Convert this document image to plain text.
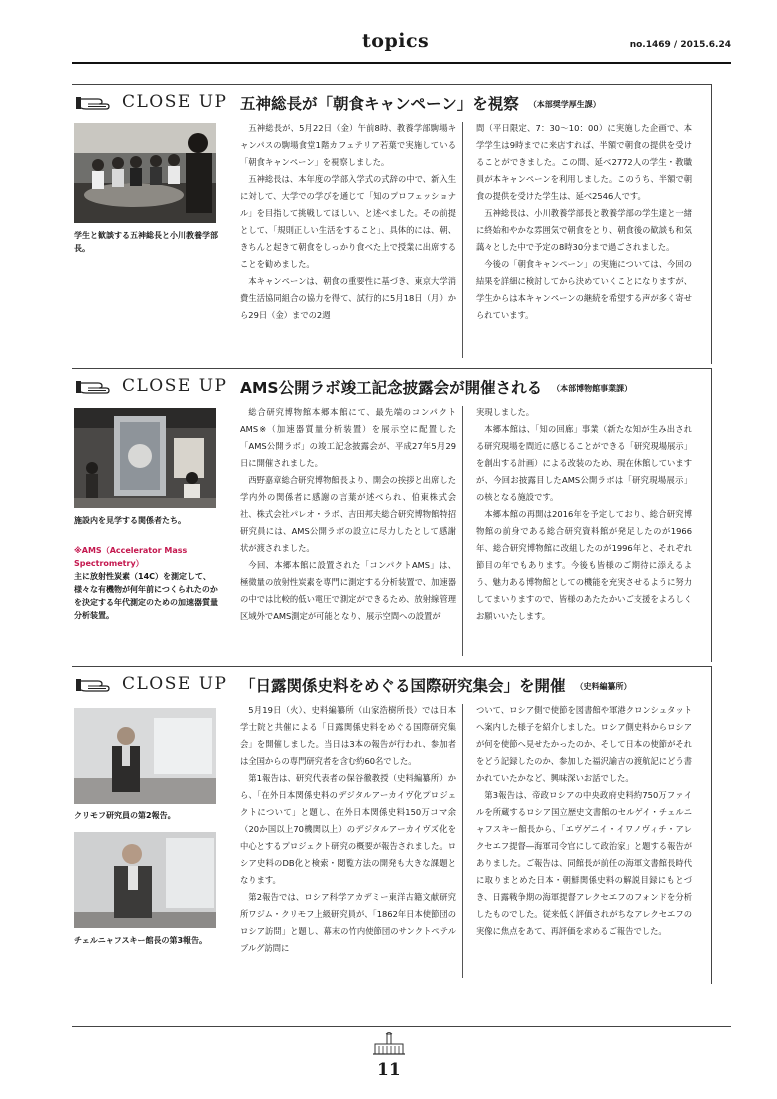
topics	no.1469 / 2015.6.24
CLOSE UP 五神総長が「朝食キャンペーン」を視察 （本部奨学厚生課）
学生と歓談する五神総長と小川教養学部長。

五神総長が、5月22日（金）午前8時、教養学部駒場キャンパスの駒場食堂1階カフェテリア若葉で実施している「朝食キャンペーン」を視察しました。

五神総長は、本年度の学部入学式の式辞の中で、新入生に対して、大学での学びを通じて「知のプロフェッショナル」を目指して挑戦してほしい、と述べました。その前提として、「規則正しい生活をすること」、具体的には、朝、きちんと起きて朝食をしっかり食べた上で授業に出席することを勧めました。

本キャンペーンは、朝食の重要性に基づき、東京大学消費生活協同組合の協力を得て、試行的に5月18日（月）から29日（金）までの2週

間（平日限定、7：30～10：00）に実施した企画で、本学学生は9時までに来店すれば、半額で朝食の提供を受けることができました。この間、延べ2772人の学生・教職員が本キャンペーンを利用しました。このうち、半額で朝食の提供を受けた学生は、延べ2546人です。

五神総長は、小川教養学部長と教養学部の学生達と一緒に終始和やかな雰囲気で朝食をとり、朝食後の歓談も和気藹々とした中で予定の8時30分まで過ごされました。

今後の「朝食キャンペーン」の実施については、今回の結果を詳細に検討してから決めていくことになりますが、学生からは本キャンペーンの継続を希望する声が多く寄せられています。

CLOSE UP AMS公開ラボ竣工記念披露会が開催される （本部博物館事業課）
施設内を見学する関係者たち。
※AMS（Accelerator Mass Spectrometry）
主に放射性炭素（14C）を測定して、様々な有機物が何年前につくられたのかを決定する年代測定のための加速器質量分析装置。

総合研究博物館本郷本館にて、最先端のコンパクトAMS※（加速器質量分析装置）を展示空に配置した「AMS公開ラボ」の竣工記念披露会が、平成27年5月29日に開催されました。

西野嘉章総合研究博物館長より、開会の挨拶と出席した学内外の関係者に感謝の言葉が述べられ、伯東株式会社、株式会社パレオ・ラボ、吉田邦夫総合研究博物館特招研究員には、AMS公開ラボの設立に尽力したとして感謝状が渡されました。

今回、本郷本館に設置された「コンパクトAMS」は、極微量の放射性炭素を専門に測定する分析装置で、加速器の中では比較的低い電圧で測定ができるため、放射線管理区域外でAMS測定が可能となり、展示空間への設置が

実現しました。

本郷本館は、「知の回廊」事業（新たな知が生み出される研究現場を間近に感じることができる「研究現場展示」を創出する計画）による改装のため、現在休館していますが、今回お披露目したAMS公開ラボは「研究現場展示」の核となる施設です。

本郷本館の再開は2016年を予定しており、総合研究博物館の前身である総合研究資料館が発足したのが1966年、総合研究博物館に改組したのが1996年と、それぞれ節目の年でもあります。今後も皆様のご期待に添えるよう、魅力ある博物館としての機能を充実させるように努力してまいりますので、皆様のあたたかいご支援をよろしくお願いいたします。

CLOSE UP 「日露関係史料をめぐる国際研究集会」を開催 （史料編纂所）
クリモフ研究員の第2報告。
チェルニャフスキー館長の第3報告。

5月19日（火）、史料編纂所（山家浩樹所長）では日本学士院と共催による「日露関係史料をめぐる国際研究集会」を開催しました。当日は3本の報告が行われ、参加者は全国からの専門研究者を含む約60名でした。

第1報告は、研究代表者の保谷徹教授（史料編纂所）から、「在外日本関係史料のデジタルアーカイヴ化プロジェクトについて」と題し、在外日本関係史料150万コマ余（20か国以上70機関以上）のデジタルアーカイヴズ化を中心とするプロジェクト研究の概要が報告されました。ロシア史料のDB化と検索・閲覧方法の開発も大きな課題となります。

第2報告では、ロシア科学アカデミー東洋古籍文献研究所ワジム・クリモフ上級研究員が、「1862年日本使節団のロシア訪問」と題し、幕末の竹内使節団のサンクトペテルブルグ訪問に

ついて、ロシア側で使節を図書館や軍港クロンシュタットへ案内した様子を紹介しました。ロシア側史料からロシアが何を使節へ見せたかったのか、そして日本の使節がそれをどう記録したのか、参加した福沢諭吉の渡航記にどう書かれていたかなど、興味深いお話でした。

第3報告は、帝政ロシアの中央政府史料約750万ファイルを所蔵するロシア国立歴史文書館のセルゲイ・チェルニャフスキー館長から、「エヴゲニイ・イワノヴィチ・アレクセエフ提督―海軍司令官にして政治家」と題する報告がありました。ご報告は、同館長が前任の海軍文書館長時代に取りまとめた日本・朝鮮関係史料の解説目録にもとづき、日露戦争期の海軍提督アレクセエフのフォンドを分析したものでした。従来低く評価されがちなアレクセエフの実像に焦点をあて、再評価を求めるご報告でした。

11
